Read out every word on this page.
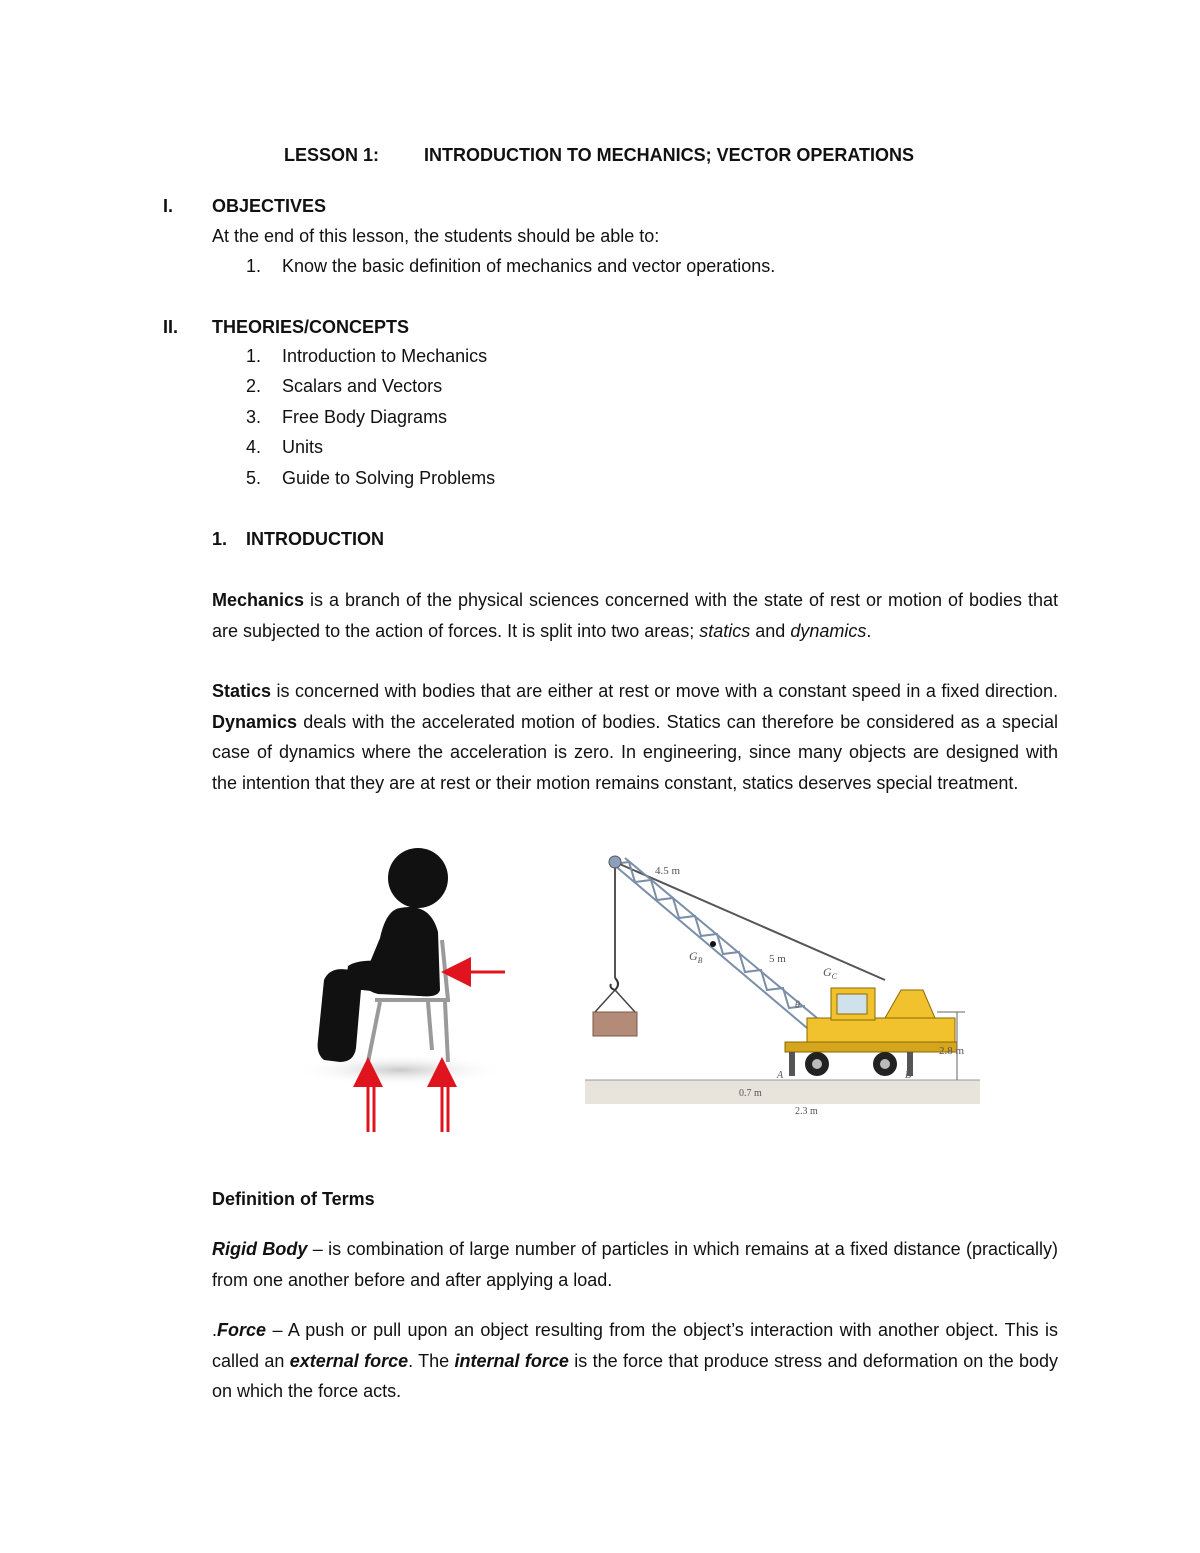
LESSON 1: INTRODUCTION TO MECHANICS; VECTOR OPERATIONS
I. OBJECTIVES
At the end of this lesson, the students should be able to:
1. Know the basic definition of mechanics and vector operations.
II. THEORIES/CONCEPTS
1. Introduction to Mechanics
2. Scalars and Vectors
3. Free Body Diagrams
4. Units
5. Guide to Solving Problems
1. INTRODUCTION
Mechanics is a branch of the physical sciences concerned with the state of rest or motion of bodies that are subjected to the action of forces. It is split into two areas; statics and dynamics.
Statics is concerned with bodies that are either at rest or move with a constant speed in a fixed direction. Dynamics deals with the accelerated motion of bodies. Statics can therefore be considered as a special case of dynamics where the acceleration is zero. In engineering, since many objects are designed with the intention that they are at rest or their motion remains constant, statics deserves special treatment.
4.5 m
5 m
$G_B$
$G_C$
θ
2.8 m
A	B
0.7 m
2.3 m
Definition of Terms
Rigid Body – is combination of large number of particles in which remains at a fixed distance (practically) from one another before and after applying a load.
.Force – A push or pull upon an object resulting from the object’s interaction with another object. This is called an external force. The internal force is the force that produce stress and deformation on the body on which the force acts.
